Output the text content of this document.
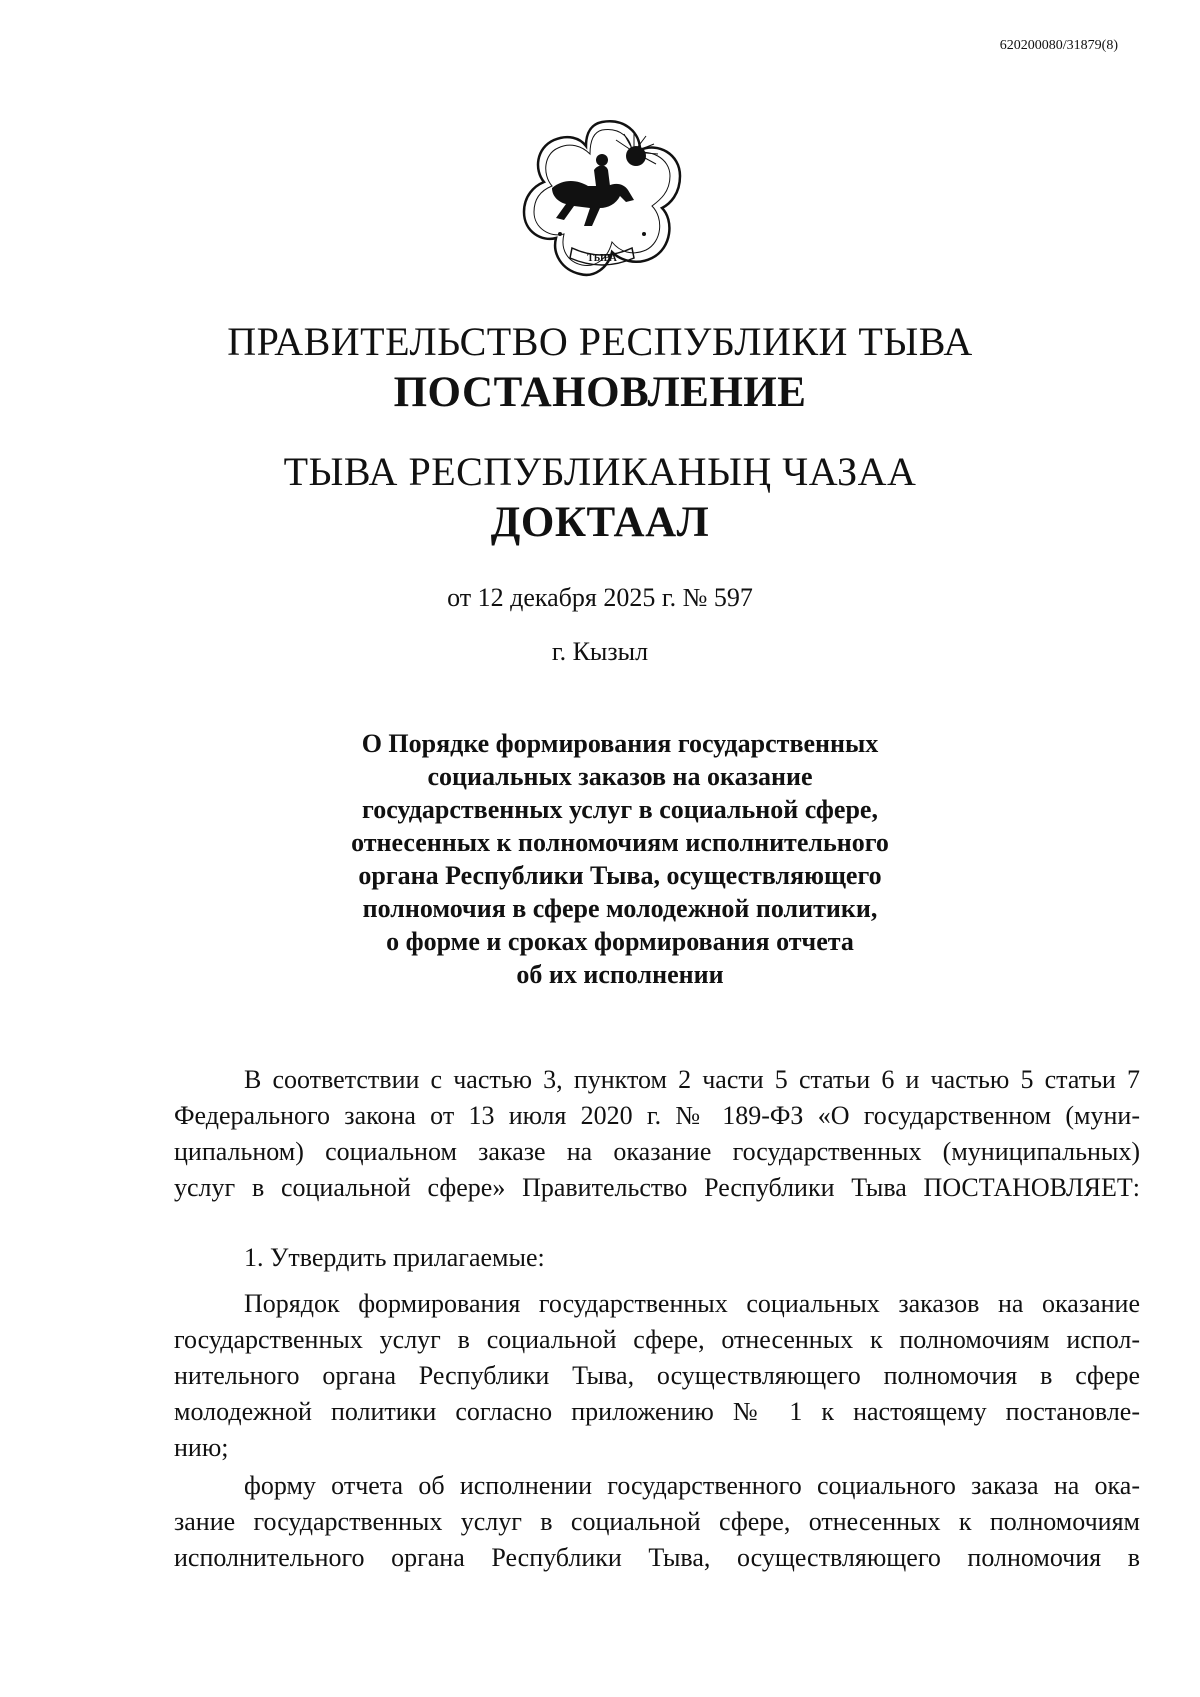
620200080/31879(8)
ТЫВА
ПРАВИТЕЛЬСТВО РЕСПУБЛИКИ ТЫВА
ПОСТАНОВЛЕНИЕ
ТЫВА РЕСПУБЛИКАНЫҢ ЧАЗАА
ДОКТААЛ
от 12 декабря 2025 г. № 597
г. Кызыл
О Порядке формирования государственных
социальных заказов на оказание
государственных услуг в социальной сфере,
отнесенных к полномочиям исполнительного
органа Республики Тыва, осуществляющего
полномочия в сфере молодежной политики,
о форме и сроках формирования отчета
об их исполнении
В соответствии с частью 3, пунктом 2 части 5 статьи 6 и частью 5 статьи 7
Федерального закона от 13 июля 2020 г. № 189-ФЗ «О государственном (муни-
ципальном) социальном заказе на оказание государственных (муниципальных)
услуг в социальной сфере» Правительство Республики Тыва ПОСТАНОВЛЯЕТ:
1. Утвердить прилагаемые:
Порядок формирования государственных социальных заказов на оказание
государственных услуг в социальной сфере, отнесенных к полномочиям испол-
нительного органа Республики Тыва, осуществляющего полномочия в сфере
молодежной политики согласно приложению № 1 к настоящему постановле-
нию;
форму отчета об исполнении государственного социального заказа на ока-
зание государственных услуг в социальной сфере, отнесенных к полномочиям
исполнительного органа Республики Тыва, осуществляющего полномочия в
